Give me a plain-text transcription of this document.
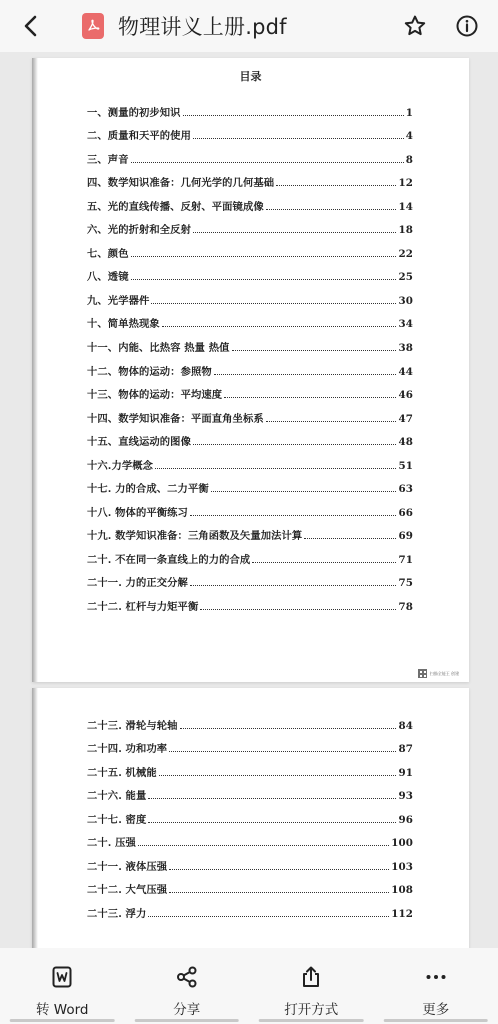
物理讲义上册.pdf
目录
一、测量的初步知识	1
二、质量和天平的使用	4
三、声音	8
四、数学知识准备：几何光学的几何基础	12
五、光的直线传播、反射、平面镜成像	14
六、光的折射和全反射	18
七、颜色	22
八、透镜	25
九、光学器件	30
十、简单热现象	34
十一、内能、比热容 热量 热值	38
十二、物体的运动：参照物	44
十三、物体的运动：平均速度	46
十四、数学知识准备：平面直角坐标系	47
十五、直线运动的图像	48
十六.力学概念	51
十七. 力的合成、二力平衡	63
十八. 物体的平衡练习	66
十九. 数学知识准备：三角函数及矢量加法计算	69
二十. 不在同一条直线上的力的合成	71
二十一. 力的正交分解	75
二十二. 杠杆与力矩平衡	78
扫描全能王 创建
二十三. 滑轮与轮轴	84
二十四. 功和功率	87
二十五. 机械能	91
二十六. 能量	93
二十七. 密度	96
二十. 压强	100
二十一. 液体压强	103
二十二. 大气压强	108
二十三. 浮力	112
转 Word	分享	打开方式	更多
